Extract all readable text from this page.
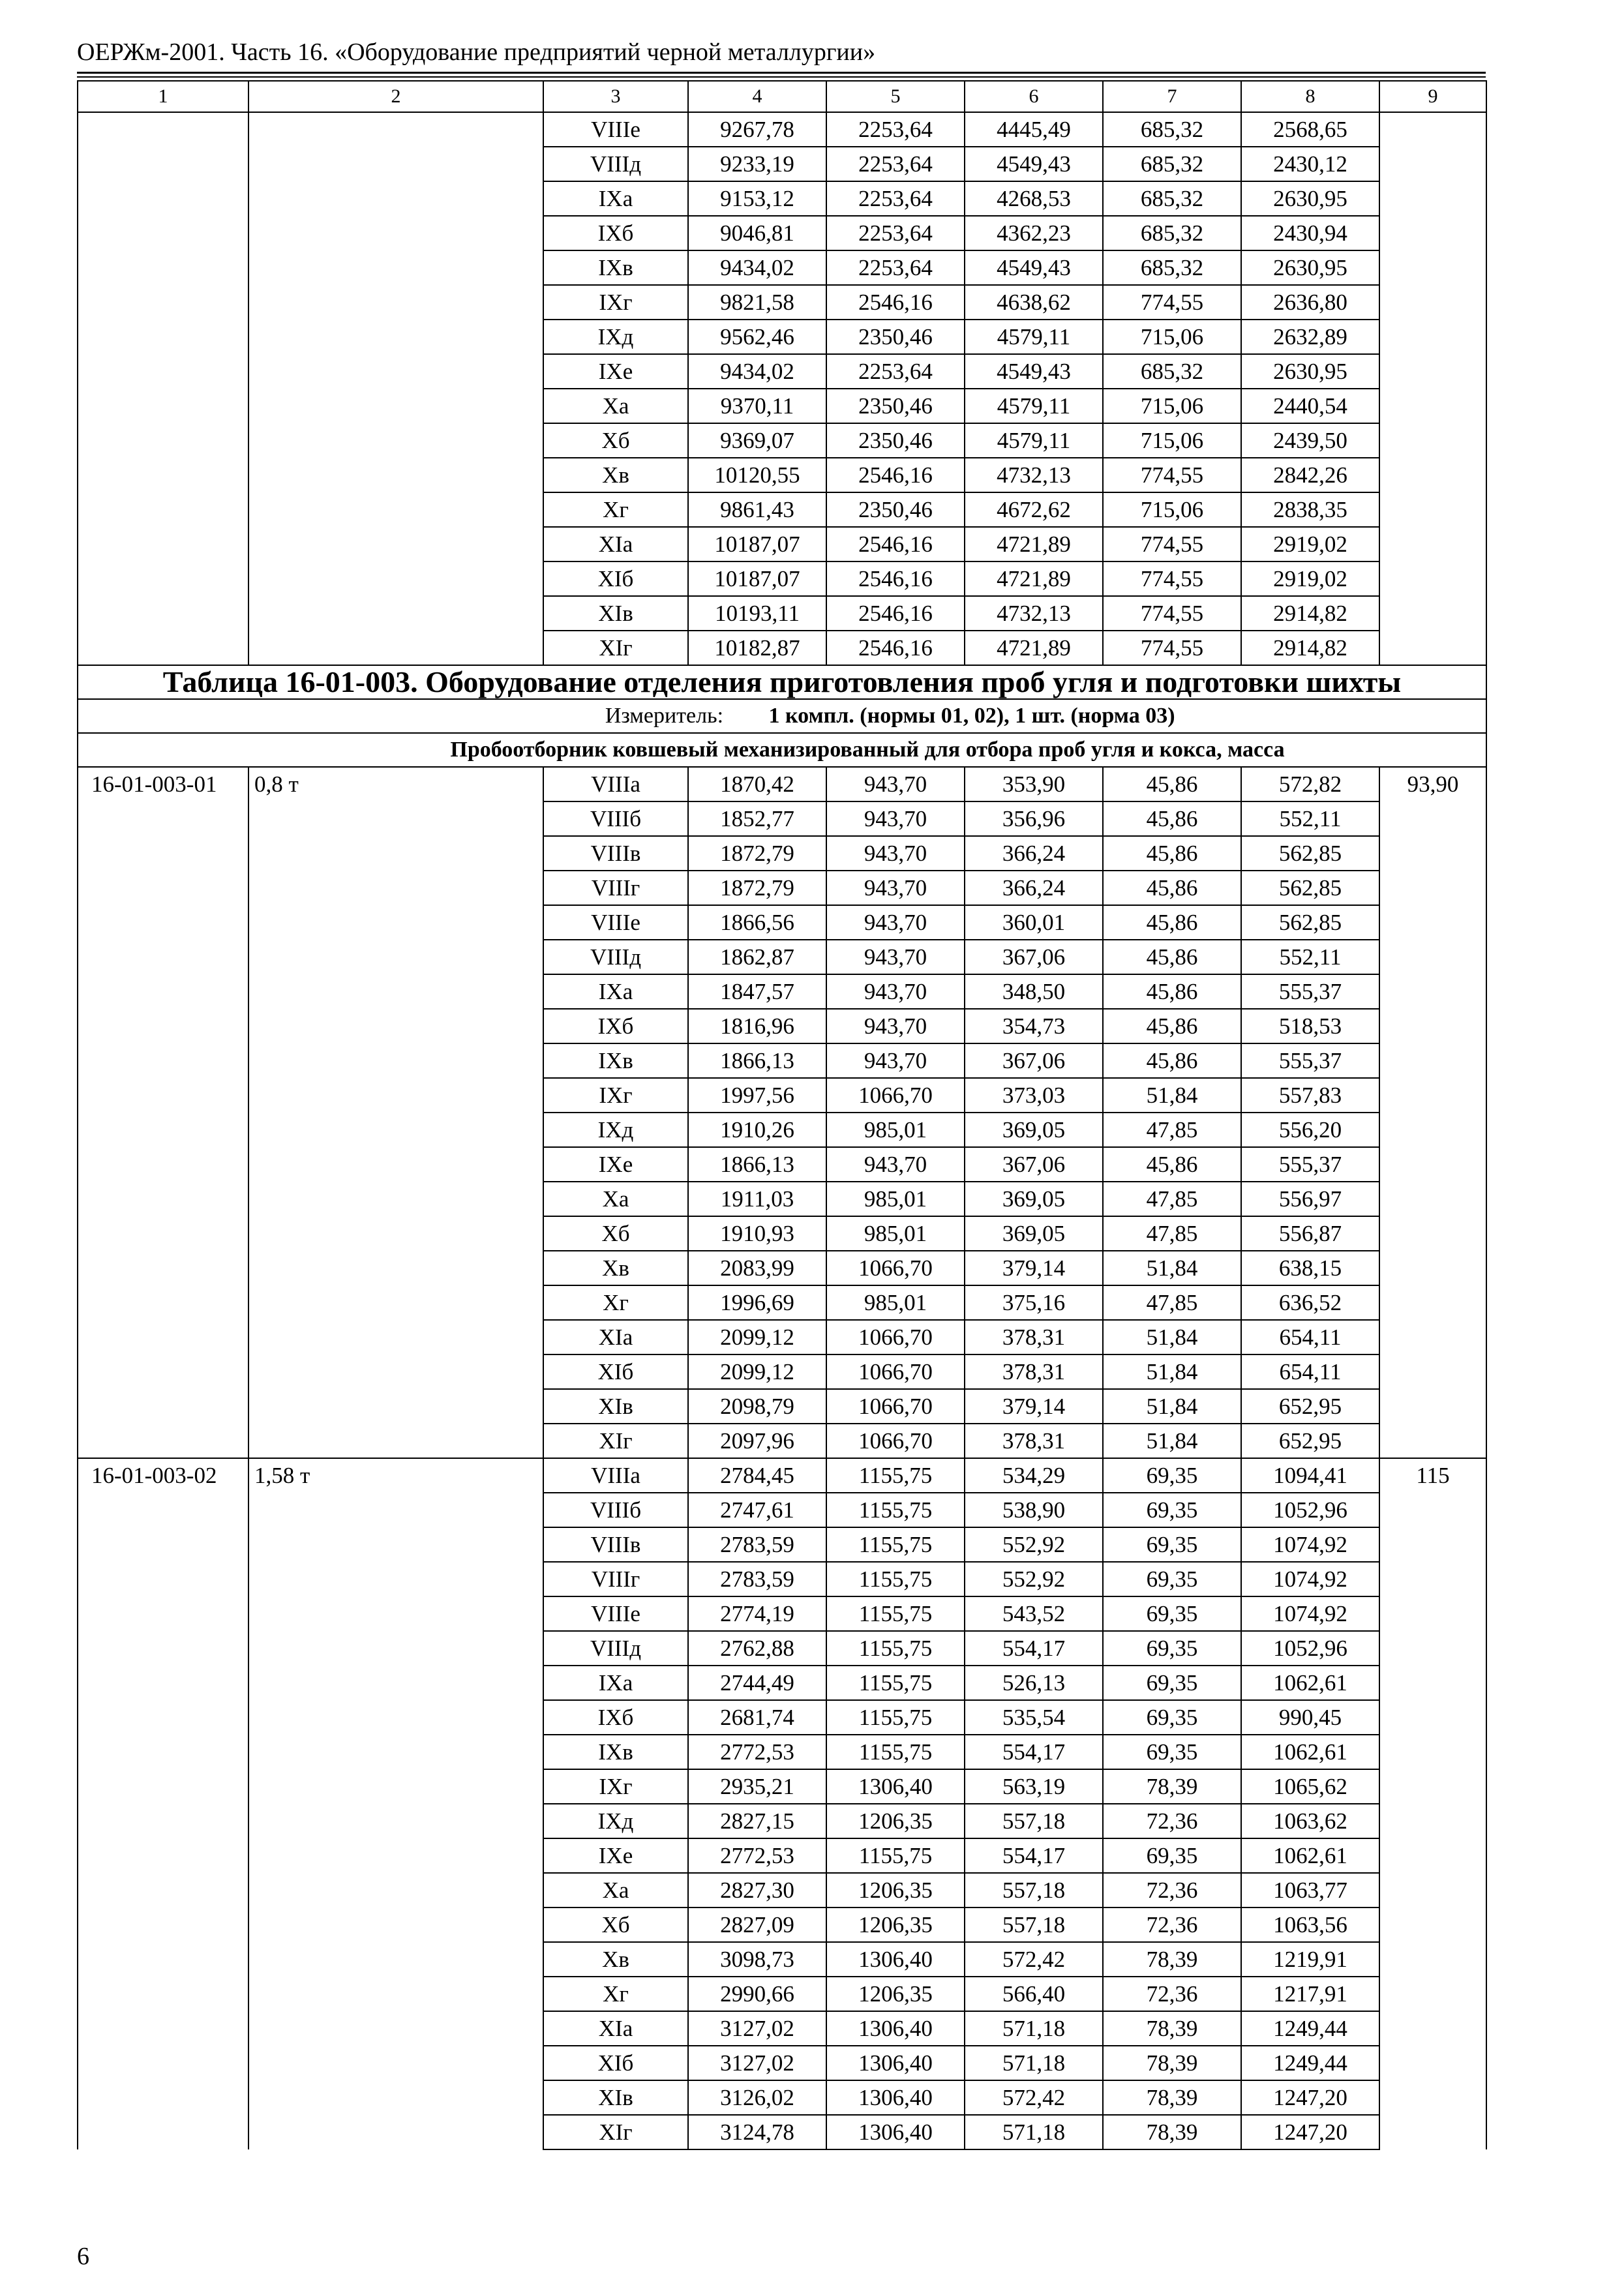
ОЕРЖм-2001. Часть 16. «Оборудование предприятий черной металлургии»
1	2	3	4	5	6	7	8	9
		VIIIе	9267,78	2253,64	4445,49	685,32	2568,65	
		VIIIд	9233,19	2253,64	4549,43	685,32	2430,12	
		IXа	9153,12	2253,64	4268,53	685,32	2630,95	
		IXб	9046,81	2253,64	4362,23	685,32	2430,94	
		IXв	9434,02	2253,64	4549,43	685,32	2630,95	
		IXг	9821,58	2546,16	4638,62	774,55	2636,80	
		IXд	9562,46	2350,46	4579,11	715,06	2632,89	
		IXе	9434,02	2253,64	4549,43	685,32	2630,95	
		Xа	9370,11	2350,46	4579,11	715,06	2440,54	
		Xб	9369,07	2350,46	4579,11	715,06	2439,50	
		Xв	10120,55	2546,16	4732,13	774,55	2842,26	
		Xг	9861,43	2350,46	4672,62	715,06	2838,35	
		XIа	10187,07	2546,16	4721,89	774,55	2919,02	
		XIб	10187,07	2546,16	4721,89	774,55	2919,02	
		XIв	10193,11	2546,16	4732,13	774,55	2914,82	
		XIг	10182,87	2546,16	4721,89	774,55	2914,82	
Таблица 16-01-003. Оборудование отделения приготовления проб угля и подготовки шихты								
Измеритель: 1 компл. (нормы 01, 02), 1 шт. (норма 03)								
Пробоотборник ковшевый механизированный для отбора проб угля и кокса, масса								
16-01-003-01	0,8 т	VIIIа	1870,42	943,70	353,90	45,86	572,82	93,90
		VIIIб	1852,77	943,70	356,96	45,86	552,11	
		VIIIв	1872,79	943,70	366,24	45,86	562,85	
		VIIIг	1872,79	943,70	366,24	45,86	562,85	
		VIIIе	1866,56	943,70	360,01	45,86	562,85	
		VIIIд	1862,87	943,70	367,06	45,86	552,11	
		IXа	1847,57	943,70	348,50	45,86	555,37	
		IXб	1816,96	943,70	354,73	45,86	518,53	
		IXв	1866,13	943,70	367,06	45,86	555,37	
		IXг	1997,56	1066,70	373,03	51,84	557,83	
		IXд	1910,26	985,01	369,05	47,85	556,20	
		IXе	1866,13	943,70	367,06	45,86	555,37	
		Xа	1911,03	985,01	369,05	47,85	556,97	
		Xб	1910,93	985,01	369,05	47,85	556,87	
		Xв	2083,99	1066,70	379,14	51,84	638,15	
		Xг	1996,69	985,01	375,16	47,85	636,52	
		XIа	2099,12	1066,70	378,31	51,84	654,11	
		XIб	2099,12	1066,70	378,31	51,84	654,11	
		XIв	2098,79	1066,70	379,14	51,84	652,95	
		XIг	2097,96	1066,70	378,31	51,84	652,95	
16-01-003-02	1,58 т	VIIIа	2784,45	1155,75	534,29	69,35	1094,41	115
		VIIIб	2747,61	1155,75	538,90	69,35	1052,96	
		VIIIв	2783,59	1155,75	552,92	69,35	1074,92	
		VIIIг	2783,59	1155,75	552,92	69,35	1074,92	
		VIIIе	2774,19	1155,75	543,52	69,35	1074,92	
		VIIIд	2762,88	1155,75	554,17	69,35	1052,96	
		IXа	2744,49	1155,75	526,13	69,35	1062,61	
		IXб	2681,74	1155,75	535,54	69,35	990,45	
		IXв	2772,53	1155,75	554,17	69,35	1062,61	
		IXг	2935,21	1306,40	563,19	78,39	1065,62	
		IXд	2827,15	1206,35	557,18	72,36	1063,62	
		IXе	2772,53	1155,75	554,17	69,35	1062,61	
		Xа	2827,30	1206,35	557,18	72,36	1063,77	
		Xб	2827,09	1206,35	557,18	72,36	1063,56	
		Xв	3098,73	1306,40	572,42	78,39	1219,91	
		Xг	2990,66	1206,35	566,40	72,36	1217,91	
		XIа	3127,02	1306,40	571,18	78,39	1249,44	
		XIб	3127,02	1306,40	571,18	78,39	1249,44	
		XIв	3126,02	1306,40	572,42	78,39	1247,20	
		XIг	3124,78	1306,40	571,18	78,39	1247,20	
6
